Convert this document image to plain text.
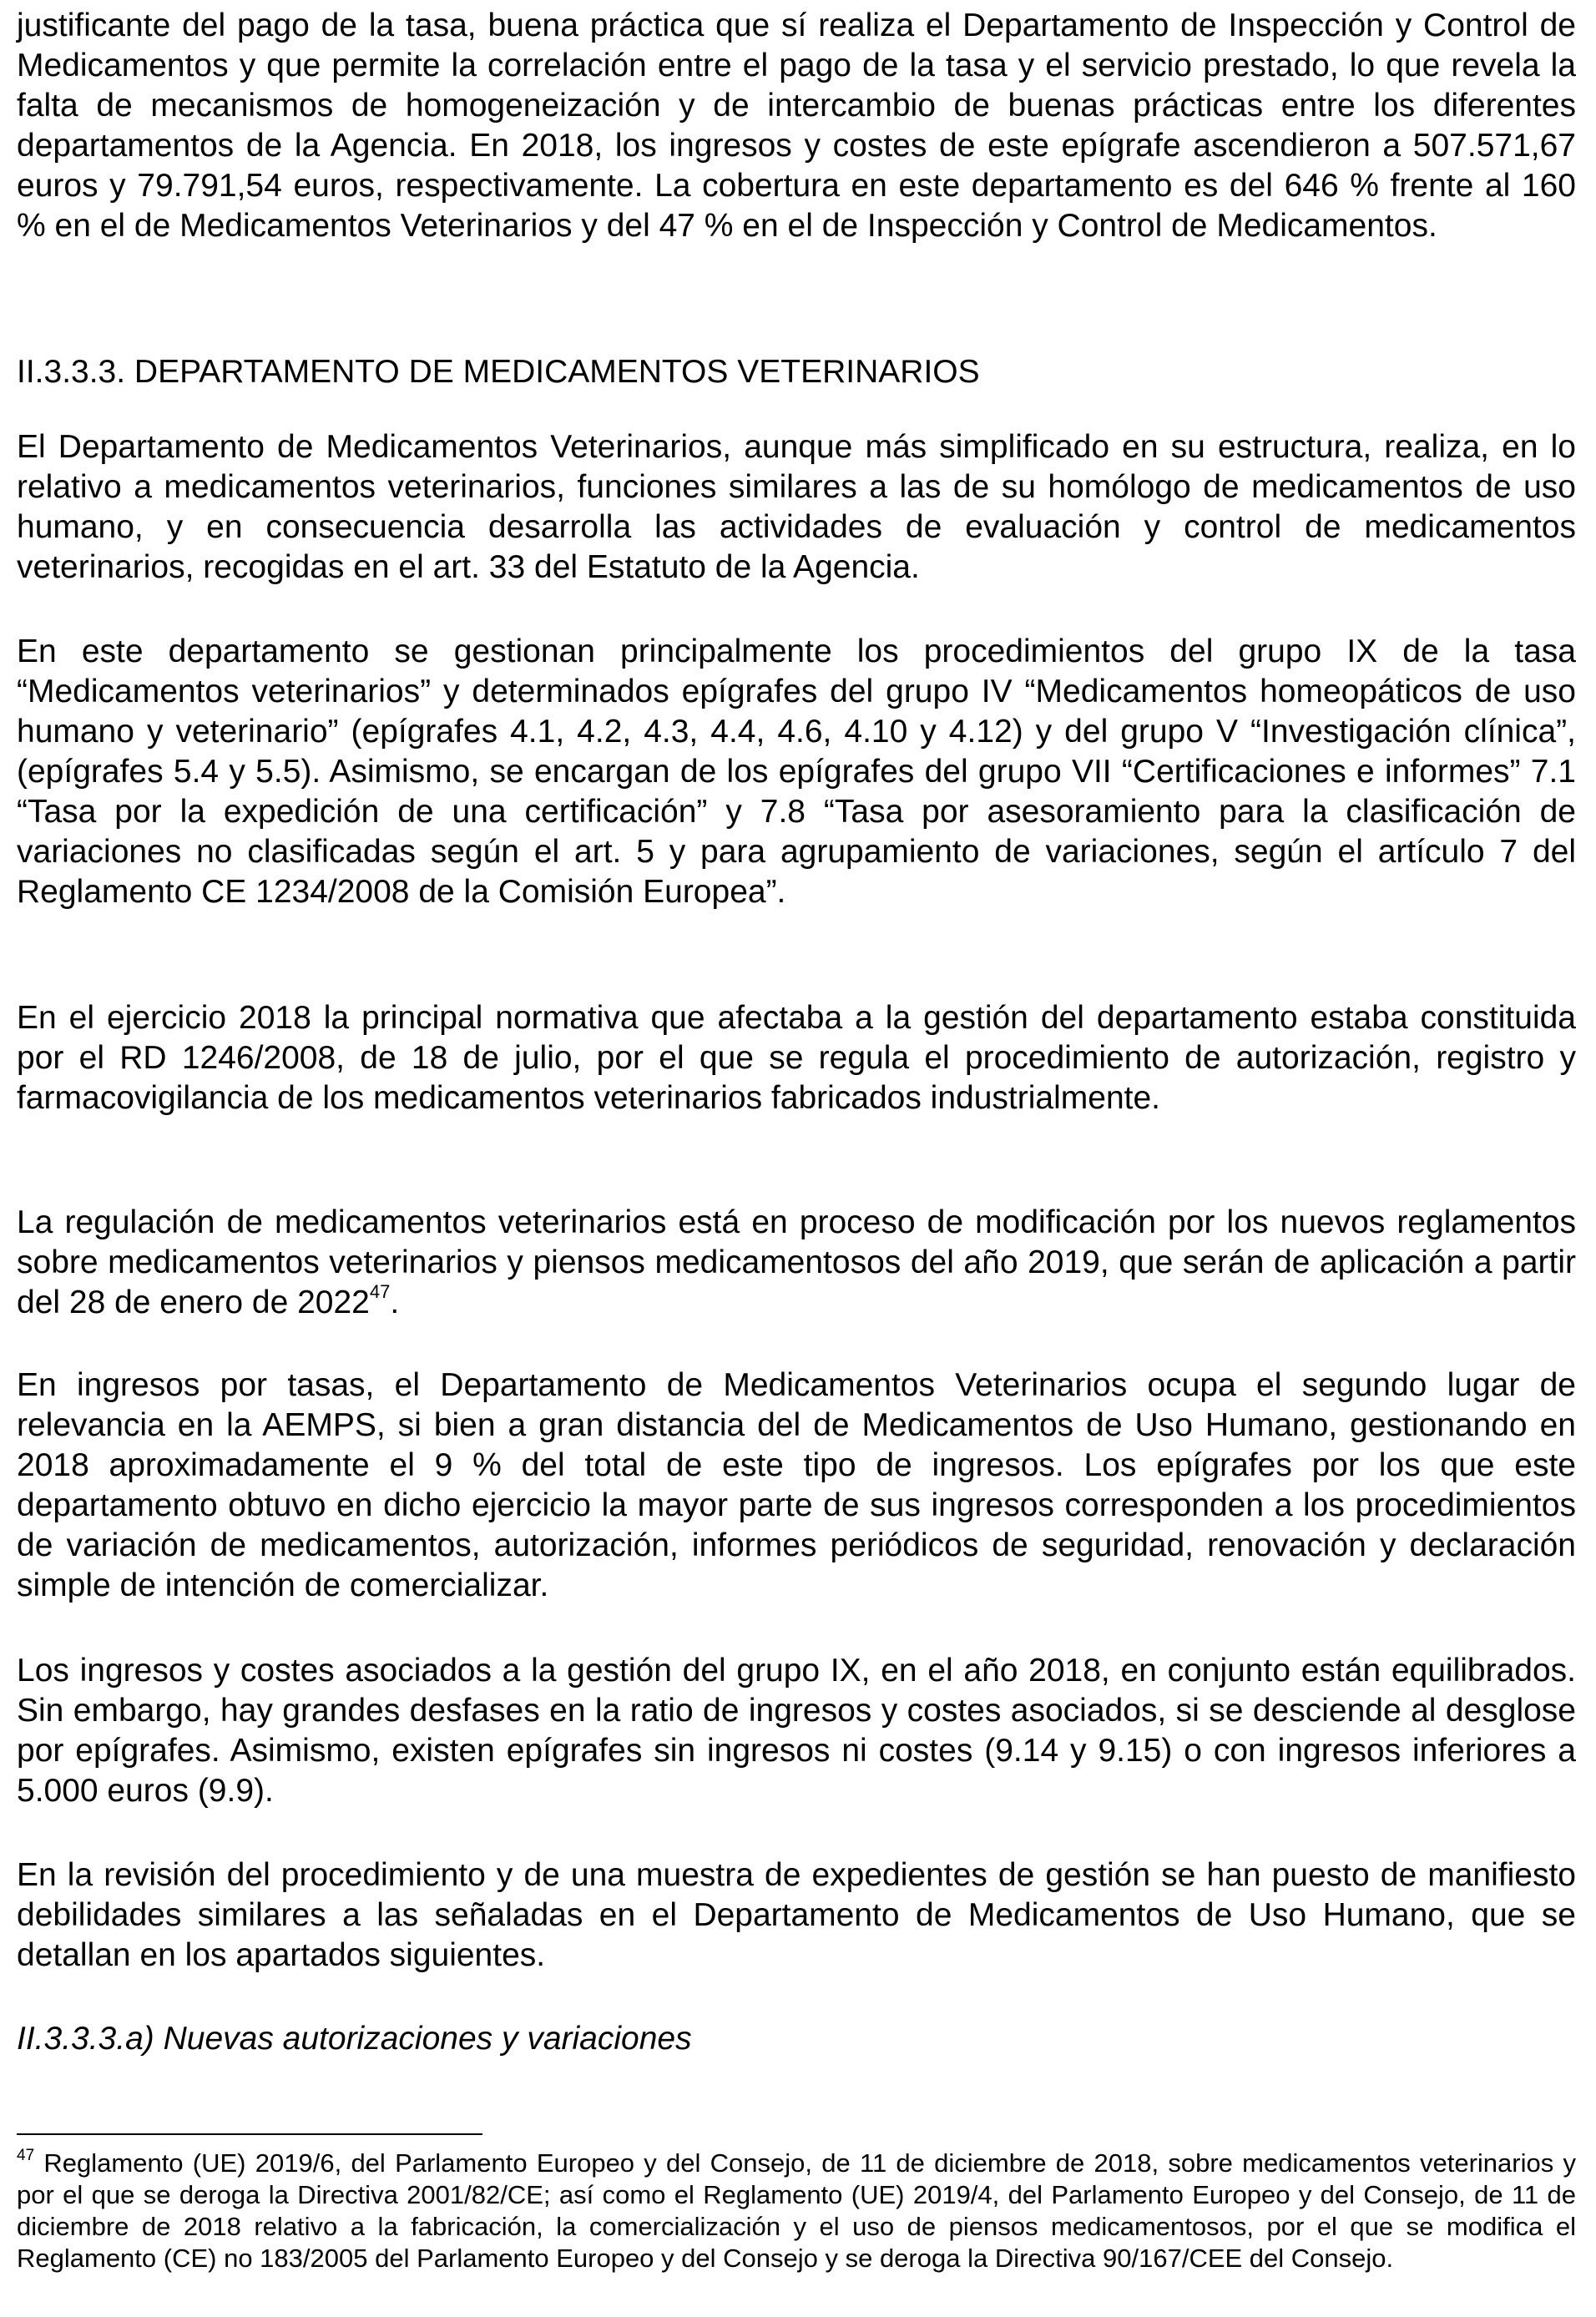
justificante del pago de la tasa, buena práctica que sí realiza el Departamento de Inspección y Control de Medicamentos y que permite la correlación entre el pago de la tasa y el servicio prestado, lo que revela la falta de mecanismos de homogeneización y de intercambio de buenas prácticas entre los diferentes departamentos de la Agencia. En 2018, los ingresos y costes de este epígrafe ascendieron a 507.571,67 euros y 79.791,54 euros, respectivamente. La cobertura en este departamento es del 646 % frente al 160 % en el de Medicamentos Veterinarios y del 47 % en el de Inspección y Control de Medicamentos.

II.3.3.3. DEPARTAMENTO DE MEDICAMENTOS VETERINARIOS

El Departamento de Medicamentos Veterinarios, aunque más simplificado en su estructura, realiza, en lo relativo a medicamentos veterinarios, funciones similares a las de su homólogo de medicamentos de uso humano, y en consecuencia desarrolla las actividades de evaluación y control de medicamentos veterinarios, recogidas en el art. 33 del Estatuto de la Agencia.

En este departamento se gestionan principalmente los procedimientos del grupo IX de la tasa “Medicamentos veterinarios” y determinados epígrafes del grupo IV “Medicamentos homeopáticos de uso humano y veterinario” (epígrafes 4.1, 4.2, 4.3, 4.4, 4.6, 4.10 y 4.12) y del grupo V “Investigación clínica”, (epígrafes 5.4 y 5.5). Asimismo, se encargan de los epígrafes del grupo VII “Certificaciones e informes” 7.1 “Tasa por la expedición de una certificación” y 7.8 “Tasa por asesoramiento para la clasificación de variaciones no clasificadas según el art. 5 y para agrupamiento de variaciones, según el artículo 7 del Reglamento CE 1234/2008 de la Comisión Europea”.

En el ejercicio 2018 la principal normativa que afectaba a la gestión del departamento estaba constituida por el RD 1246/2008, de 18 de julio, por el que se regula el procedimiento de autorización, registro y farmacovigilancia de los medicamentos veterinarios fabricados industrialmente.

La regulación de medicamentos veterinarios está en proceso de modificación por los nuevos reglamentos sobre medicamentos veterinarios y piensos medicamentosos del año 2019, que serán de aplicación a partir del 28 de enero de 2022$^{47}$.

En ingresos por tasas, el Departamento de Medicamentos Veterinarios ocupa el segundo lugar de relevancia en la AEMPS, si bien a gran distancia del de Medicamentos de Uso Humano, gestionando en 2018 aproximadamente el 9 % del total de este tipo de ingresos. Los epígrafes por los que este departamento obtuvo en dicho ejercicio la mayor parte de sus ingresos corresponden a los procedimientos de variación de medicamentos, autorización, informes periódicos de seguridad, renovación y declaración simple de intención de comercializar.

Los ingresos y costes asociados a la gestión del grupo IX, en el año 2018, en conjunto están equilibrados. Sin embargo, hay grandes desfases en la ratio de ingresos y costes asociados, si se desciende al desglose por epígrafes. Asimismo, existen epígrafes sin ingresos ni costes (9.14 y 9.15) o con ingresos inferiores a 5.000 euros (9.9).

En la revisión del procedimiento y de una muestra de expedientes de gestión se han puesto de manifiesto debilidades similares a las señaladas en el Departamento de Medicamentos de Uso Humano, que se detallan en los apartados siguientes.

II.3.3.3.a) Nuevas autorizaciones y variaciones

$^{47}$ Reglamento (UE) 2019/6, del Parlamento Europeo y del Consejo, de 11 de diciembre de 2018, sobre medicamentos veterinarios y por el que se deroga la Directiva 2001/82/CE; así como el Reglamento (UE) 2019/4, del Parlamento Europeo y del Consejo, de 11 de diciembre de 2018 relativo a la fabricación, la comercialización y el uso de piensos medicamentosos, por el que se modifica el Reglamento (CE) no 183/2005 del Parlamento Europeo y del Consejo y se deroga la Directiva 90/167/CEE del Consejo.
